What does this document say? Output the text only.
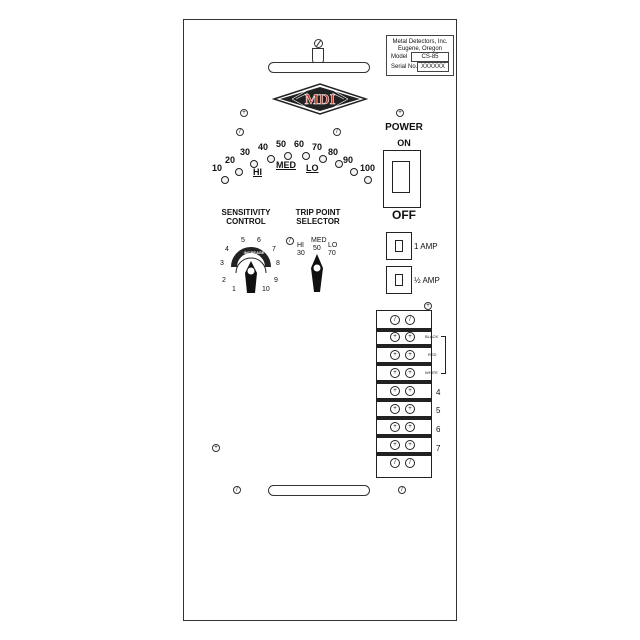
Metal Detectors, Inc.
Eugene, Oregon
Model	CS-85
Serial No. XXXXXX
MDI
+	+
/	/
10
20
30 40 50 60 70 80
90
100
HI
MED LO
POWER
ON
OFF
SENSITIVITY
CONTROL
1
2
3
4
5 6
7
8
9
10
INCREASE
TRIP POINT
SELECTOR
/
HI
30
MED
50 LO
70
1 AMP
½ AMP
+
/	/
+	+
+	+
+	+
+	+
+	+
+	+
+	+
/	/
BLACK
RED
WHITE
4
5
6
7
+
/	/
